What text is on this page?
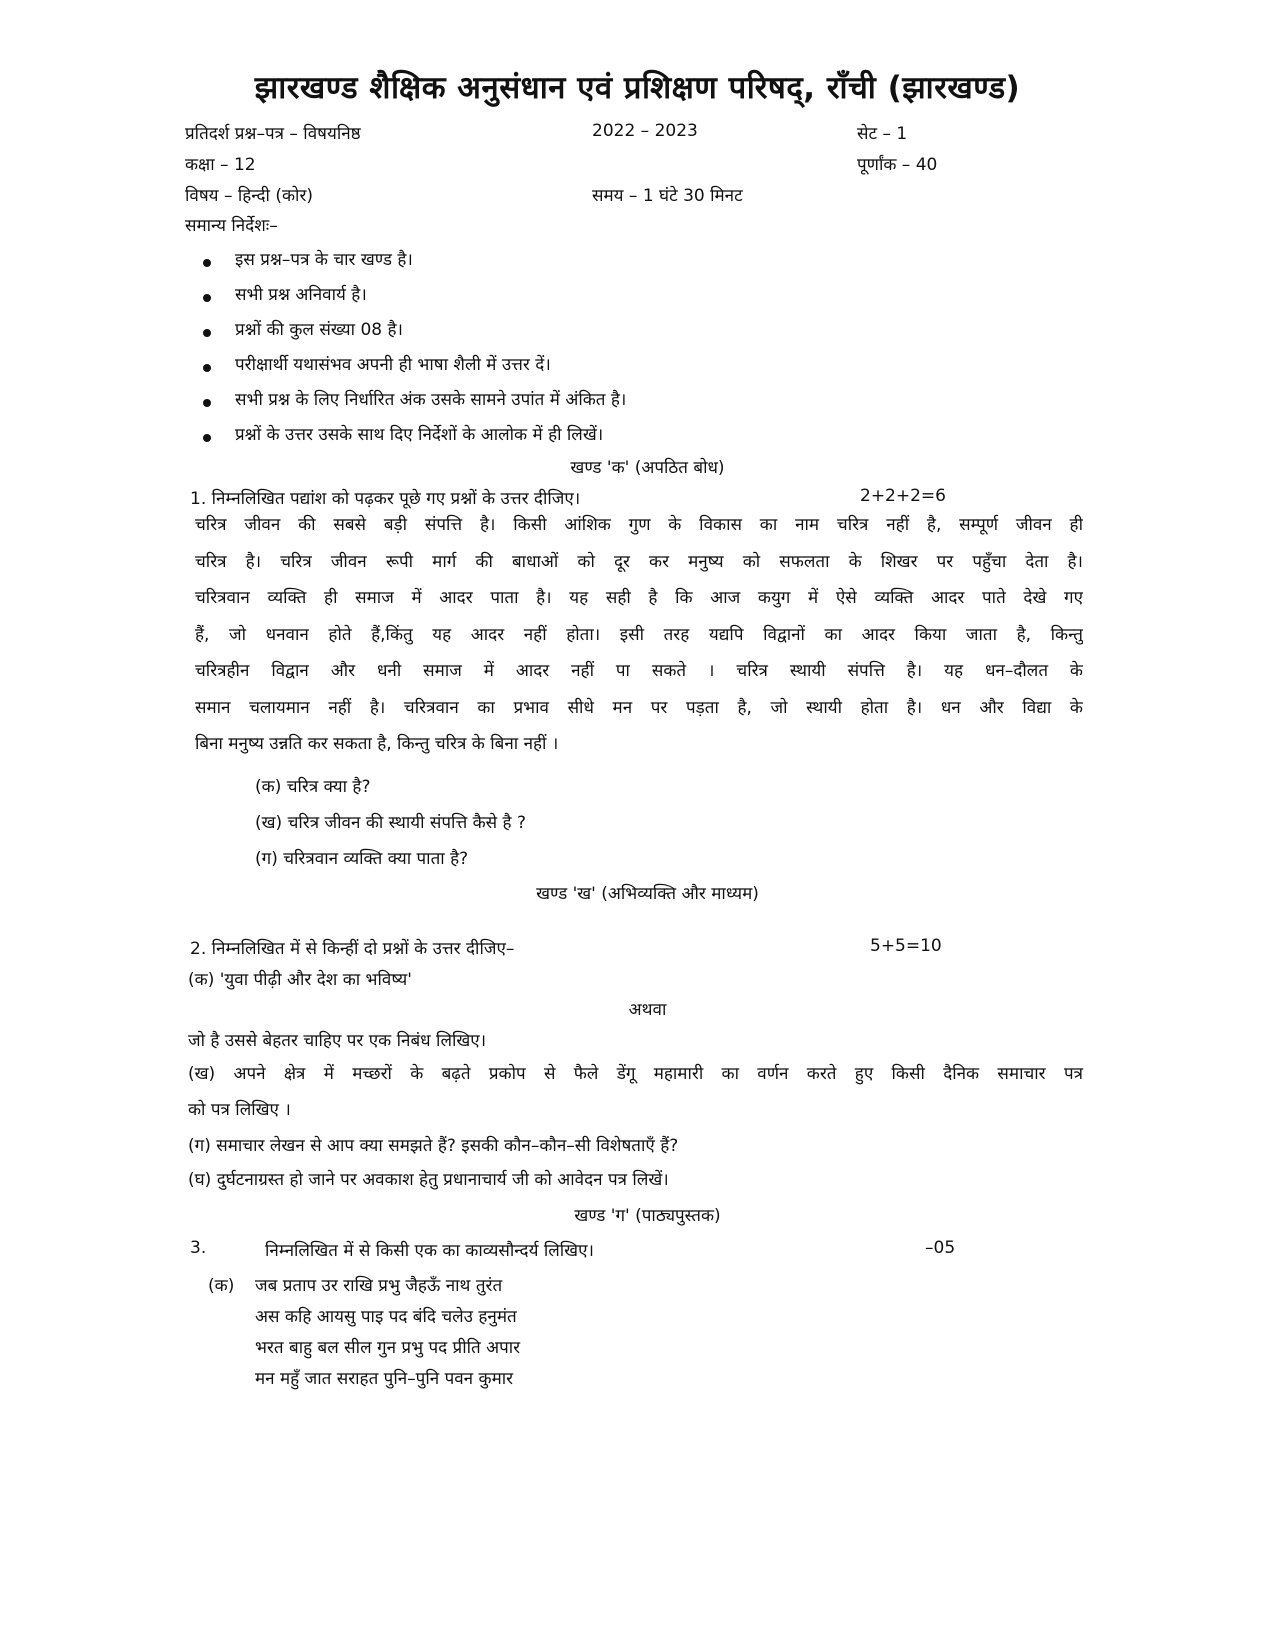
झारखण्ड शैक्षिक अनुसंधान एवं प्रशिक्षण परिषद्, राँची (झारखण्ड)
प्रतिदर्श प्रश्न–पत्र – विषयनिष्ठ	2022 – 2023	सेट – 1
कक्षा – 12	पूर्णांक – 40
विषय – हिन्दी (कोर)	समय – 1 घंटे 30 मिनट
समान्य निर्देशः–
इस प्रश्न–पत्र के चार खण्ड है।
सभी प्रश्न अनिवार्य है।
प्रश्नों की कुल संख्या 08 है।
परीक्षार्थी यथासंभव अपनी ही भाषा शैली में उत्तर दें।
सभी प्रश्न के लिए निर्धारित अंक उसके सामने उपांत में अंकित है।
प्रश्नों के उत्तर उसके साथ दिए निर्देशों के आलोक में ही लिखें।
खण्ड 'क' (अपठित बोध)
1. निम्नलिखित पद्यांश को पढ़कर पूछे गए प्रश्नों के उत्तर दीजिए।	2+2+2=6
चरित्र जीवन की सबसे बड़ी संपत्ति है। किसी आंशिक गुण के विकास का नाम चरित्र नहीं है, सम्पूर्ण जीवन ही
चरित्र है। चरित्र जीवन रूपी मार्ग की बाधाओं को दूर कर मनुष्य को सफलता के शिखर पर पहुँचा देता है।
चरित्रवान व्यक्ति ही समाज में आदर पाता है। यह सही है कि आज कयुग में ऐसे व्यक्ति आदर पाते देखे गए
हैं, जो धनवान होते हैं,किंतु यह आदर नहीं होता। इसी तरह यद्यपि विद्वानों का आदर किया जाता है, किन्तु
चरित्रहीन विद्वान और धनी समाज में आदर नहीं पा सकते । चरित्र स्थायी संपत्ति है। यह धन–दौलत के
समान चलायमान नहीं है। चरित्रवान का प्रभाव सीधे मन पर पड़ता है, जो स्थायी होता है। धन और विद्या के
बिना मनुष्य उन्नति कर सकता है, किन्तु चरित्र के बिना नहीं ।
(क) चरित्र क्या है?
(ख) चरित्र जीवन की स्थायी संपत्ति कैसे है ?
(ग) चरित्रवान व्यक्ति क्या पाता है?
खण्ड 'ख' (अभिव्यक्ति और माध्यम)
2. निम्नलिखित में से किन्हीं दो प्रश्नों के उत्तर दीजिए–	5+5=10
(क) 'युवा पीढ़ी और देश का भविष्य'
अथवा
जो है उससे बेहतर चाहिए पर एक निबंध लिखिए।
(ख) अपने क्षेत्र में मच्छरों के बढ़ते प्रकोप से फैले डेंगू महामारी का वर्णन करते हुए किसी दैनिक समाचार पत्र
को पत्र लिखिए ।
(ग) समाचार लेखन से आप क्या समझते हैं? इसकी कौन–कौन–सी विशेषताएँ हैं?
(घ) दुर्घटनाग्रस्त हो जाने पर अवकाश हेतु प्रधानाचार्य जी को आवेदन पत्र लिखें।
खण्ड 'ग' (पाठ्यपुस्तक)
3.	निम्नलिखित में से किसी एक का काव्यसौन्दर्य लिखिए।	–05
(क) जब प्रताप उर राखि प्रभु जैहऊँ नाथ तुरंत
अस कहि आयसु पाइ पद बंदि चलेउ हनुमंत
भरत बाहु बल सील गुन प्रभु पद प्रीति अपार
मन महुँ जात सराहत पुनि–पुनि पवन कुमार
